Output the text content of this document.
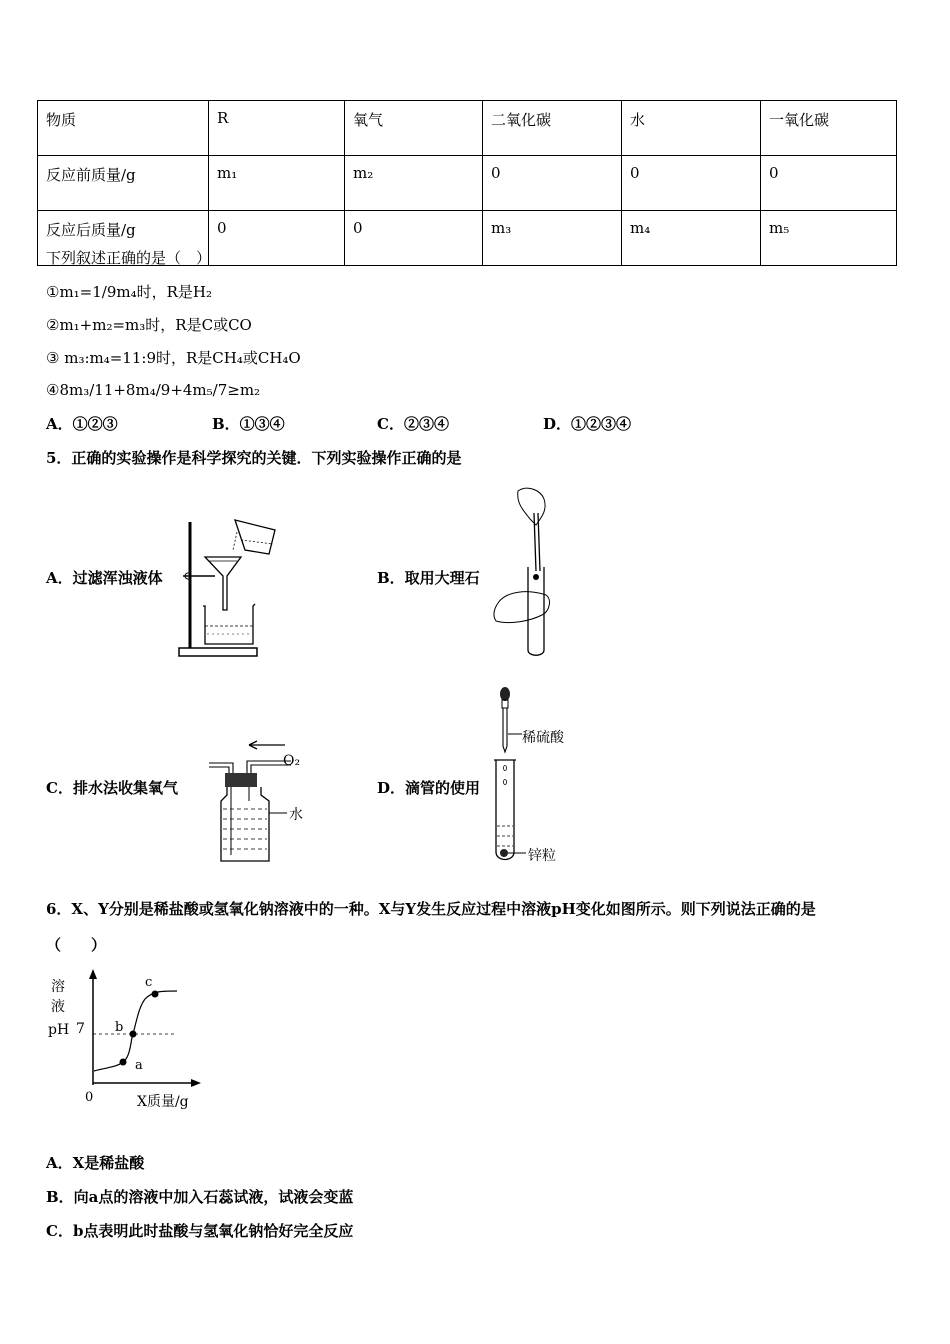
物质	R	氧气	二氧化碳	水	一氧化碳
反应前质量/g	m₁	m₂	0	0	0
反应后质量/g	0	0	m₃	m₄	m₅
下列叙述正确的是（　）
①m₁=1/9m₄时，R是H₂
②m₁+m₂=m₃时，R是C或CO
③ m₃:m₄=11:9时，R是CH₄或CH₄O
④8m₃/11+8m₄/9+4m₅/7≥m₂
A．①②③	B．①③④	C．②③④	D．①②③④
5．正确的实验操作是科学探究的关键．下列实验操作正确的是
A．过滤浑浊液体	B．取用大理石
C．排水法收集氧气	D．滴管的使用
O₂
水
稀硫酸
锌粒
6．X、Y分别是稀盐酸或氢氧化钠溶液中的一种。X与Y发生反应过程中溶液pH变化如图所示。则下列说法正确的是
（　　）
溶
液
pH 7
a
b
c
0	X质量/g
A．X是稀盐酸
B．向a点的溶液中加入石蕊试液，试液会变蓝
C．b点表明此时盐酸与氢氧化钠恰好完全反应
